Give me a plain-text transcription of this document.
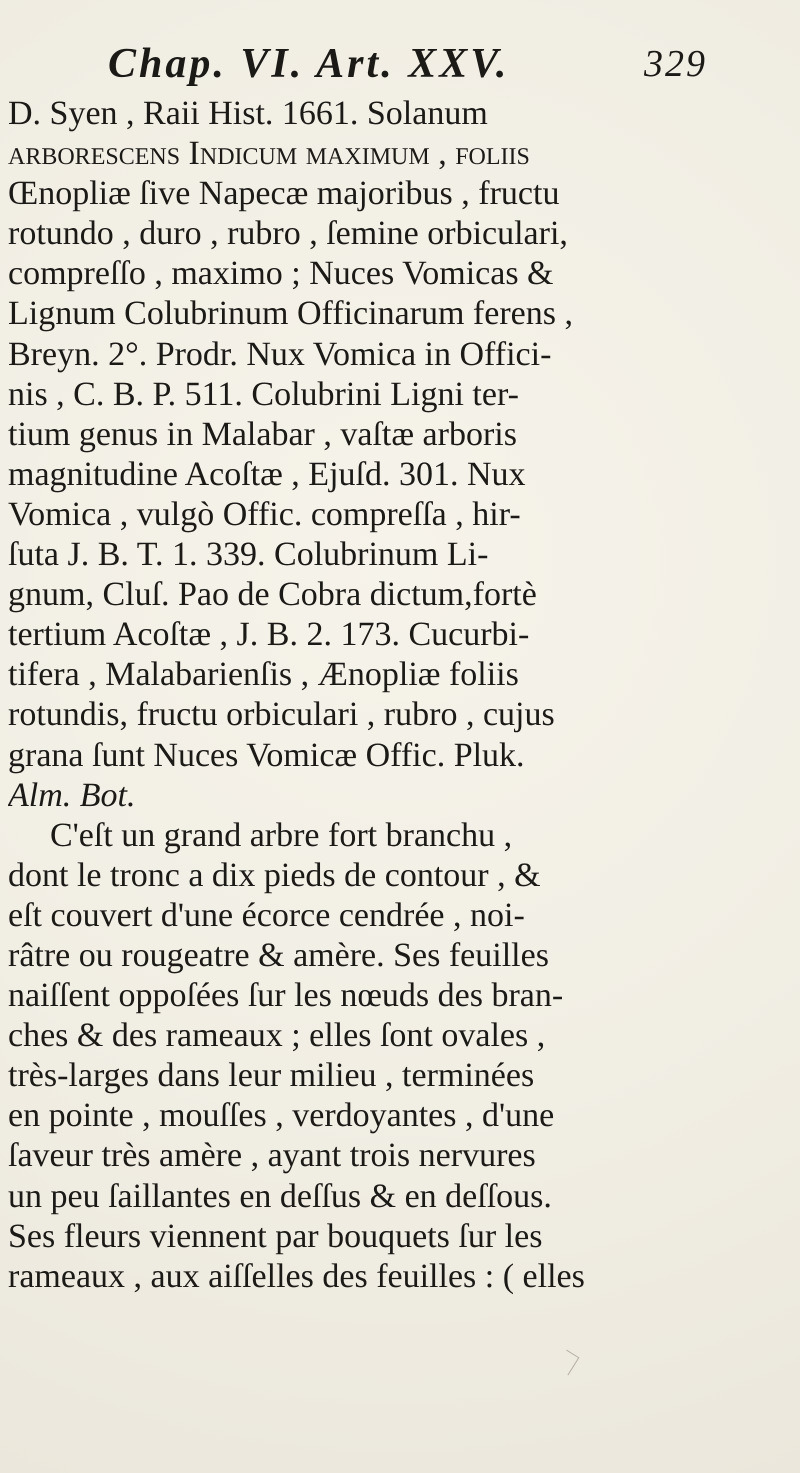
Chap. VI. Art. XXV.	329
D. Syen , Raii Hist. 1661. Solanum
arborescens Indicum maximum , foliis
Œnopliæ ſive Napecæ majoribus , fructu
rotundo , duro , rubro , ſemine orbiculari,
compreſſo , maximo ; Nuces Vomicas &
Lignum Colubrinum Officinarum ferens ,
Breyn. 2°. Prodr. Nux Vomica in Offici-
nis , C. B. P. 511. Colubrini Ligni ter-
tium genus in Malabar , vaſtæ arboris
magnitudine Acoſtæ , Ejuſd. 301. Nux
Vomica , vulgò Offic. compreſſa , hir-
ſuta J. B. T. 1. 339. Colubrinum Li-
gnum, Cluſ. Pao de Cobra dictum,fortè
tertium Acoſtæ , J. B. 2. 173. Cucurbi-
tifera , Malabarienſis , Ænopliæ foliis
rotundis, fructu orbiculari , rubro , cujus
grana ſunt Nuces Vomicæ Offic. Pluk.
Alm. Bot.
C'eſt un grand arbre fort branchu ,
dont le tronc a dix pieds de contour , &
eſt couvert d'une écorce cendrée , noi-
râtre ou rougeatre & amère. Ses feuilles
naiſſent oppoſées ſur les nœuds des bran-
ches & des rameaux ; elles ſont ovales ,
très-larges dans leur milieu , terminées
en pointe , mouſſes , verdoyantes , d'une
ſaveur très amère , ayant trois nervures
un peu ſaillantes en deſſus & en deſſous.
Ses fleurs viennent par bouquets ſur les
rameaux , aux aiſſelles des feuilles : ( elles
